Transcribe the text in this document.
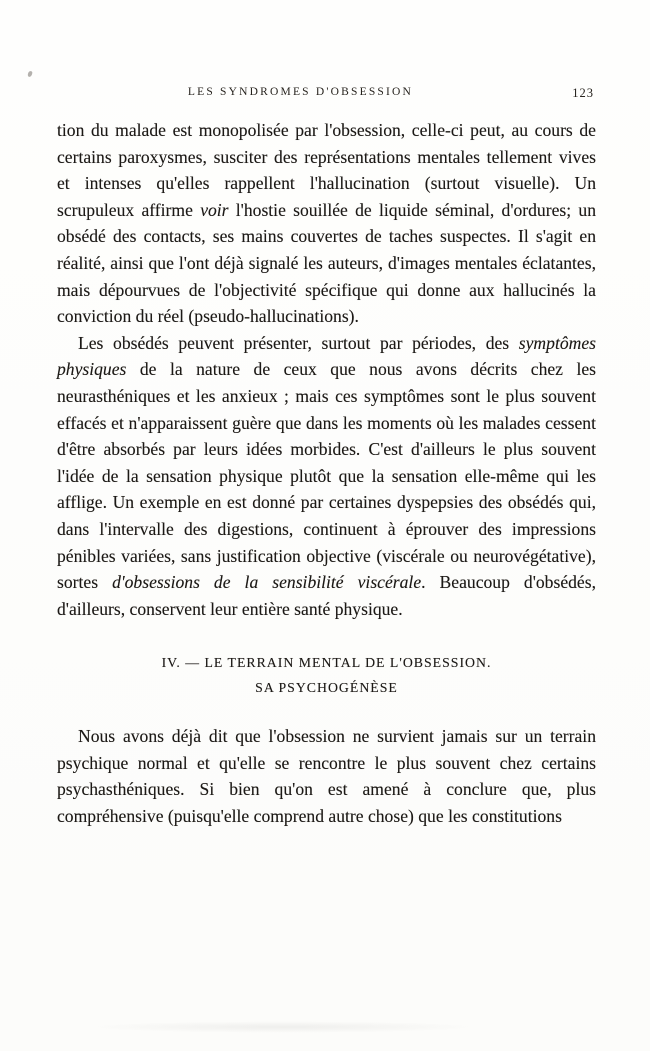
LES SYNDROMES D'OBSESSION	123

tion du malade est monopolisée par l'obsession, celle-ci peut, au cours de certains paroxysmes, susciter des représentations mentales tellement vives et intenses qu'elles rappellent l'hallucination (surtout visuelle). Un scrupuleux affirme voir l'hostie souillée de liquide séminal, d'ordures; un obsédé des contacts, ses mains couvertes de taches suspectes. Il s'agit en réalité, ainsi que l'ont déjà signalé les auteurs, d'images mentales éclatantes, mais dépourvues de l'objectivité spécifique qui donne aux hallucinés la conviction du réel (pseudo-hallucinations).

Les obsédés peuvent présenter, surtout par périodes, des symptômes physiques de la nature de ceux que nous avons décrits chez les neurasthéniques et les anxieux ; mais ces symptômes sont le plus souvent effacés et n'apparaissent guère que dans les moments où les malades cessent d'être absorbés par leurs idées morbides. C'est d'ailleurs le plus souvent l'idée de la sensation physique plutôt que la sensation elle-même qui les afflige. Un exemple en est donné par certaines dyspepsies des obsédés qui, dans l'intervalle des digestions, continuent à éprouver des impressions pénibles variées, sans justification objective (viscérale ou neurovégétative), sortes d'obsessions de la sensibilité viscérale. Beaucoup d'obsédés, d'ailleurs, conservent leur entière santé physique.

IV. — LE TERRAIN MENTAL DE L'OBSESSION.
SA PSYCHOGÉNÈSE

Nous avons déjà dit que l'obsession ne survient jamais sur un terrain psychique normal et qu'elle se rencontre le plus souvent chez certains psychasthéniques. Si bien qu'on est amené à conclure que, plus compréhensive (puisqu'elle comprend autre chose) que les constitutions
